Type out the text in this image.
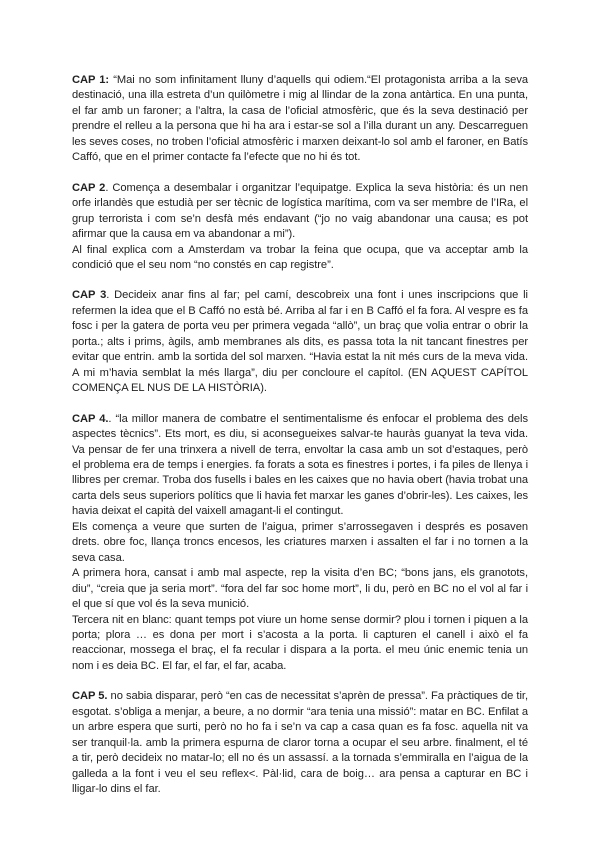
CAP 1: “Mai no som infinitament lluny d’aquells qui odiem.“El protagonista arriba a la seva destinació, una illa estreta d’un quilòmetre i mig al llindar de la zona antàrtica. En una punta, el far amb un faroner; a l’altra, la casa de l’oficial atmosfèric, que és la seva destinació per prendre el relleu a la persona que hi ha ara i estar-se sol a l’illa durant un any. Descarreguen les seves coses, no troben l’oficial atmosfèric i marxen deixant-lo sol amb el faroner, en Batís Caffó, que en el primer contacte fa l’efecte que no hi és tot.

CAP 2. Comença a desembalar i organitzar l’equipatge. Explica la seva història: és un nen orfe irlandès que estudià per ser tècnic de logística marítima, com va ser membre de l’IRa, el grup terrorista i com se’n desfà més endavant (“jo no vaig abandonar una causa; es pot afirmar que la causa em va abandonar a mi”).

Al final explica com a Amsterdam va trobar la feina que ocupa, que va acceptar amb la condició que el seu nom “no constés en cap registre”.

CAP 3. Decideix anar fins al far; pel camí, descobreix una font i unes inscripcions que li refermen la idea que el B Caffó no està bé. Arriba al far i en B Caffó el fa fora. Al vespre es fa fosc i per la gatera de porta veu per primera vegada “allò”, un braç que volia entrar o obrir la porta.; alts i prims, àgils, amb membranes als dits, es passa tota la nit tancant finestres per evitar que entrin. amb la sortida del sol marxen. “Havia estat la nit més curs de la meva vida. A mi m’havia semblat la més llarga”, diu per concloure el capítol. (EN AQUEST CAPÍTOL COMENÇA EL NUS DE LA HISTÒRIA).

CAP 4.. “la millor manera de combatre el sentimentalisme és enfocar el problema des dels aspectes tècnics”. Ets mort, es diu, si aconsegueixes salvar-te hauràs guanyat la teva vida. Va pensar de fer una trinxera a nivell de terra, envoltar la casa amb un sot d’estaques, però el problema era de temps i energies. fa forats a sota es finestres i portes, i fa piles de llenya i llibres per cremar. Troba dos fusells i bales en les caixes que no havia obert (havia trobat una carta dels seus superiors polítics que li havia fet marxar les ganes d’obrir-les). Les caixes, les havia deixat el capità del vaixell amagant-li el contingut.

Els comença a veure que surten de l’aigua, primer s’arrossegaven i després es posaven drets. obre foc, llança troncs encesos, les criatures marxen i assalten el far i no tornen a la seva casa.

A primera hora, cansat i amb mal aspecte, rep la visita d’en BC; “bons jans, els granotots, diu”, “creia que ja seria mort”. “fora del far soc home mort”, li du, però en BC no el vol al far i el que sí que vol és la seva munició.

Tercera nit en blanc: quant temps pot viure un home sense dormir? plou i tornen i piquen a la porta; plora … es dona per mort i s’acosta a la porta. li capturen el canell i això el fa reaccionar, mossega el braç, el fa recular i dispara a la porta. el meu únic enemic tenia un nom i es deia BC. El far, el far, el far, acaba.

CAP 5. no sabia disparar, però “en cas de necessitat s’aprèn de pressa”. Fa pràctiques de tir, esgotat. s’obliga a menjar, a beure, a no dormir “ara tenia una missió”: matar en BC. Enfilat a un arbre espera que surti, però no ho fa i se’n va cap a casa quan es fa fosc. aquella nit va ser tranquil·la. amb la primera espurna de claror torna a ocupar el seu arbre. finalment, el té a tir, però decideix no matar-lo; ell no és un assassí. a la tornada s’emmiralla en l’aigua de la galleda a la font i veu el seu reflex<. Pàl·lid, cara de boig… ara pensa a capturar en BC i lligar-lo dins el far.
